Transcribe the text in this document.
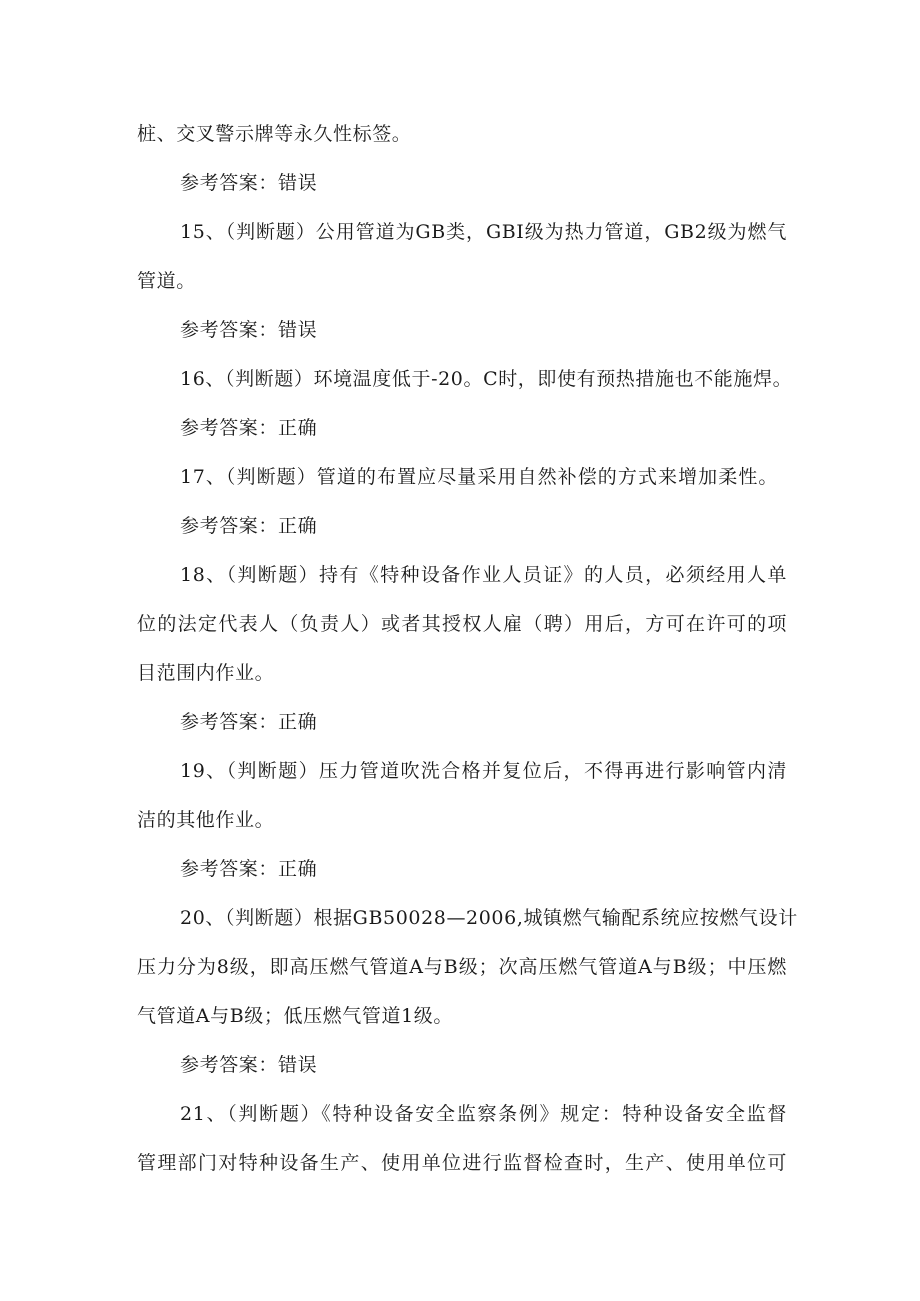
桩、交叉警示牌等永久性标签。
参考答案：错误
15、（判断题）公用管道为GB类，GBI级为热力管道，GB2级为燃气
管道。
参考答案：错误
16、（判断题）环境温度低于-20。C时，即使有预热措施也不能施焊。
参考答案：正确
17、（判断题）管道的布置应尽量采用自然补偿的方式来增加柔性。
参考答案：正确
18、（判断题）持有《特种设备作业人员证》的人员，必须经用人单
位的法定代表人（负责人）或者其授权人雇（聘）用后，方可在许可的项
目范围内作业。
参考答案：正确
19、（判断题）压力管道吹洗合格并复位后，不得再进行影响管内清
洁的其他作业。
参考答案：正确
20、（判断题）根据GB50028—2006,城镇燃气输配系统应按燃气设计
压力分为8级，即高压燃气管道A与B级；次高压燃气管道A与B级；中压燃
气管道A与B级；低压燃气管道1级。
参考答案：错误
21、（判断题）《特种设备安全监察条例》规定：特种设备安全监督
管理部门对特种设备生产、使用单位进行监督检查时，生产、使用单位可
